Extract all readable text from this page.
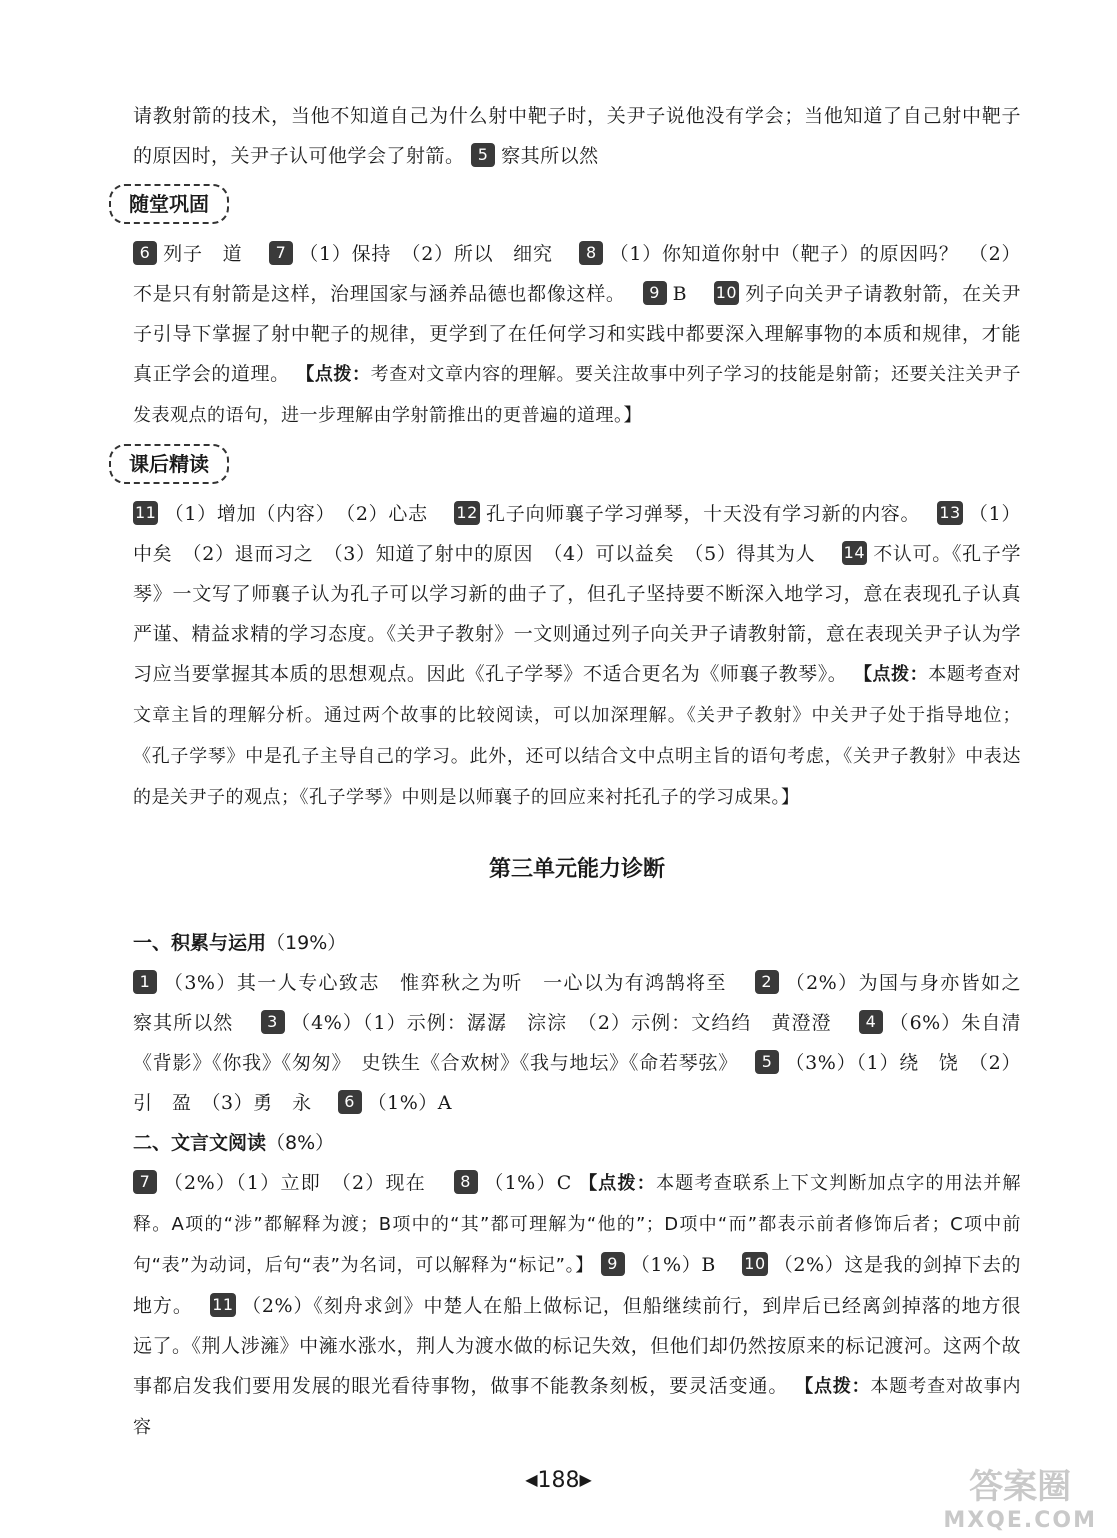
请教射箭的技术，当他不知道自己为什么射中靶子时，关尹子说他没有学会；当他知道了自己射中靶子的原因时，关尹子认可他学会了射箭。 5 察其所以然

随堂巩固

6 列子　道　 7 （1）保持　（2）所以　细究　 8 （1）你知道你射中（靶子）的原因吗？　（2）不是只有射箭是这样，治理国家与涵养品德也都像这样。　 9 B　 10 列子向关尹子请教射箭，在关尹子引导下掌握了射中靶子的规律，更学到了在任何学习和实践中都要深入理解事物的本质和规律，才能真正学会的道理。 【点拨：考查对文章内容的理解。要关注故事中列子学习的技能是射箭；还要关注关尹子发表观点的语句，进一步理解由学射箭推出的更普遍的道理。】

课后精读

11 （1）增加（内容）　（2）心志　 12 孔子向师襄子学习弹琴，十天没有学习新的内容。　 13 （1）中矣　（2）退而习之　（3）知道了射中的原因　（4）可以益矣　（5）得其为人　 14 不认可。《孔子学琴》一文写了师襄子认为孔子可以学习新的曲子了，但孔子坚持要不断深入地学习，意在表现孔子认真严谨、精益求精的学习态度。《关尹子教射》一文则通过列子向关尹子请教射箭，意在表现关尹子认为学习应当要掌握其本质的思想观点。因此《孔子学琴》不适合更名为《师襄子教琴》。 【点拨：本题考查对文章主旨的理解分析。通过两个故事的比较阅读，可以加深理解。《关尹子教射》中关尹子处于指导地位；《孔子学琴》中是孔子主导自己的学习。此外，还可以结合文中点明主旨的语句考虑，《关尹子教射》中表达的是关尹子的观点；《孔子学琴》中则是以师襄子的回应来衬托孔子的学习成果。】

第三单元能力诊断

一、积累与运用（19%）

1 （3%）其一人专心致志　惟弈秋之为听　一心以为有鸿鹄将至　 2 （2%）为国与身亦皆如之　察其所以然　 3 （4%）（1）示例：潺潺　淙淙　（2）示例：文绉绉　黄澄澄　 4 （6%）朱自清《背影》《你我》《匆匆》　史铁生《合欢树》《我与地坛》《命若琴弦》　 5 （3%）（1）绕　饶　（2）引　盈　（3）勇　永　 6 （1%）A

二、文言文阅读（8%）

7 （2%）（1）立即　（2）现在　 8 （1%）C 【点拨：本题考查联系上下文判断加点字的用法并解释。A项的“涉”都解释为渡；B项中的“其”都可理解为“他的”；D项中“而”都表示前者修饰后者；C项中前句“表”为动词，后句“表”为名词，可以解释为“标记”。】 9 （1%）B　 10 （2%）这是我的剑掉下去的地方。　 11 （2%）《刻舟求剑》中楚人在船上做标记，但船继续前行，到岸后已经离剑掉落的地方很远了。《荆人涉澭》中澭水涨水，荆人为渡水做的标记失效，但他们却仍然按原来的标记渡河。这两个故事都启发我们要用发展的眼光看待事物，做事不能教条刻板，要灵活变通。 【点拨：本题考查对故事内容

◀188▶	答案圈
MXQE.COM
